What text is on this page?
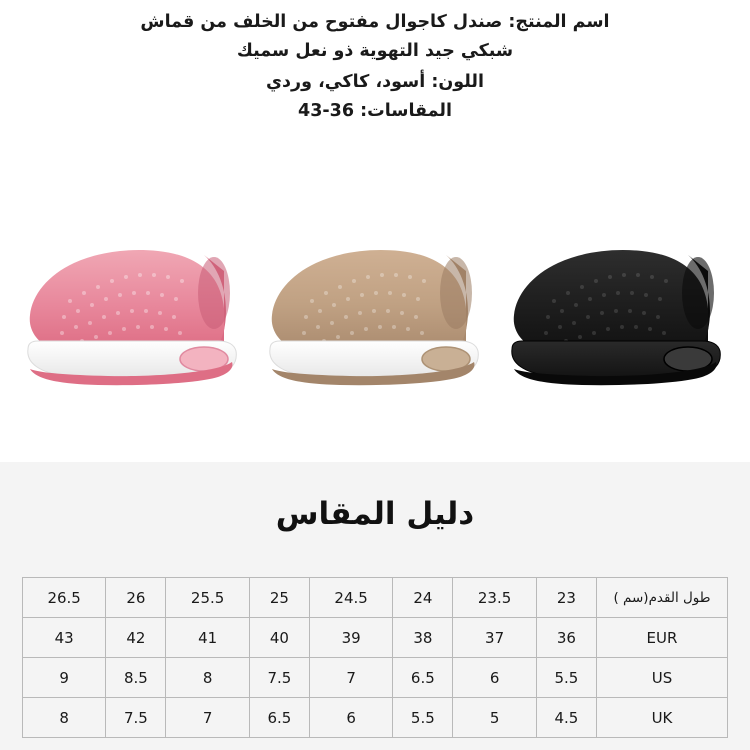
اسم المنتج: صندل كاجوال مفتوح من الخلف من قماش

شبكي جيد التهوية ذو نعل سميك

اللون: أسود، كاكي، وردي

المقاسات: 36-43

دليل المقاس
26.5	26	25.5	25	24.5	24	23.5	23	طول القدم(سم )
43	42	41	40	39	38	37	36	EUR
9	8.5	8	7.5	7	6.5	6	5.5	US
8	7.5	7	6.5	6	5.5	5	4.5	UK
